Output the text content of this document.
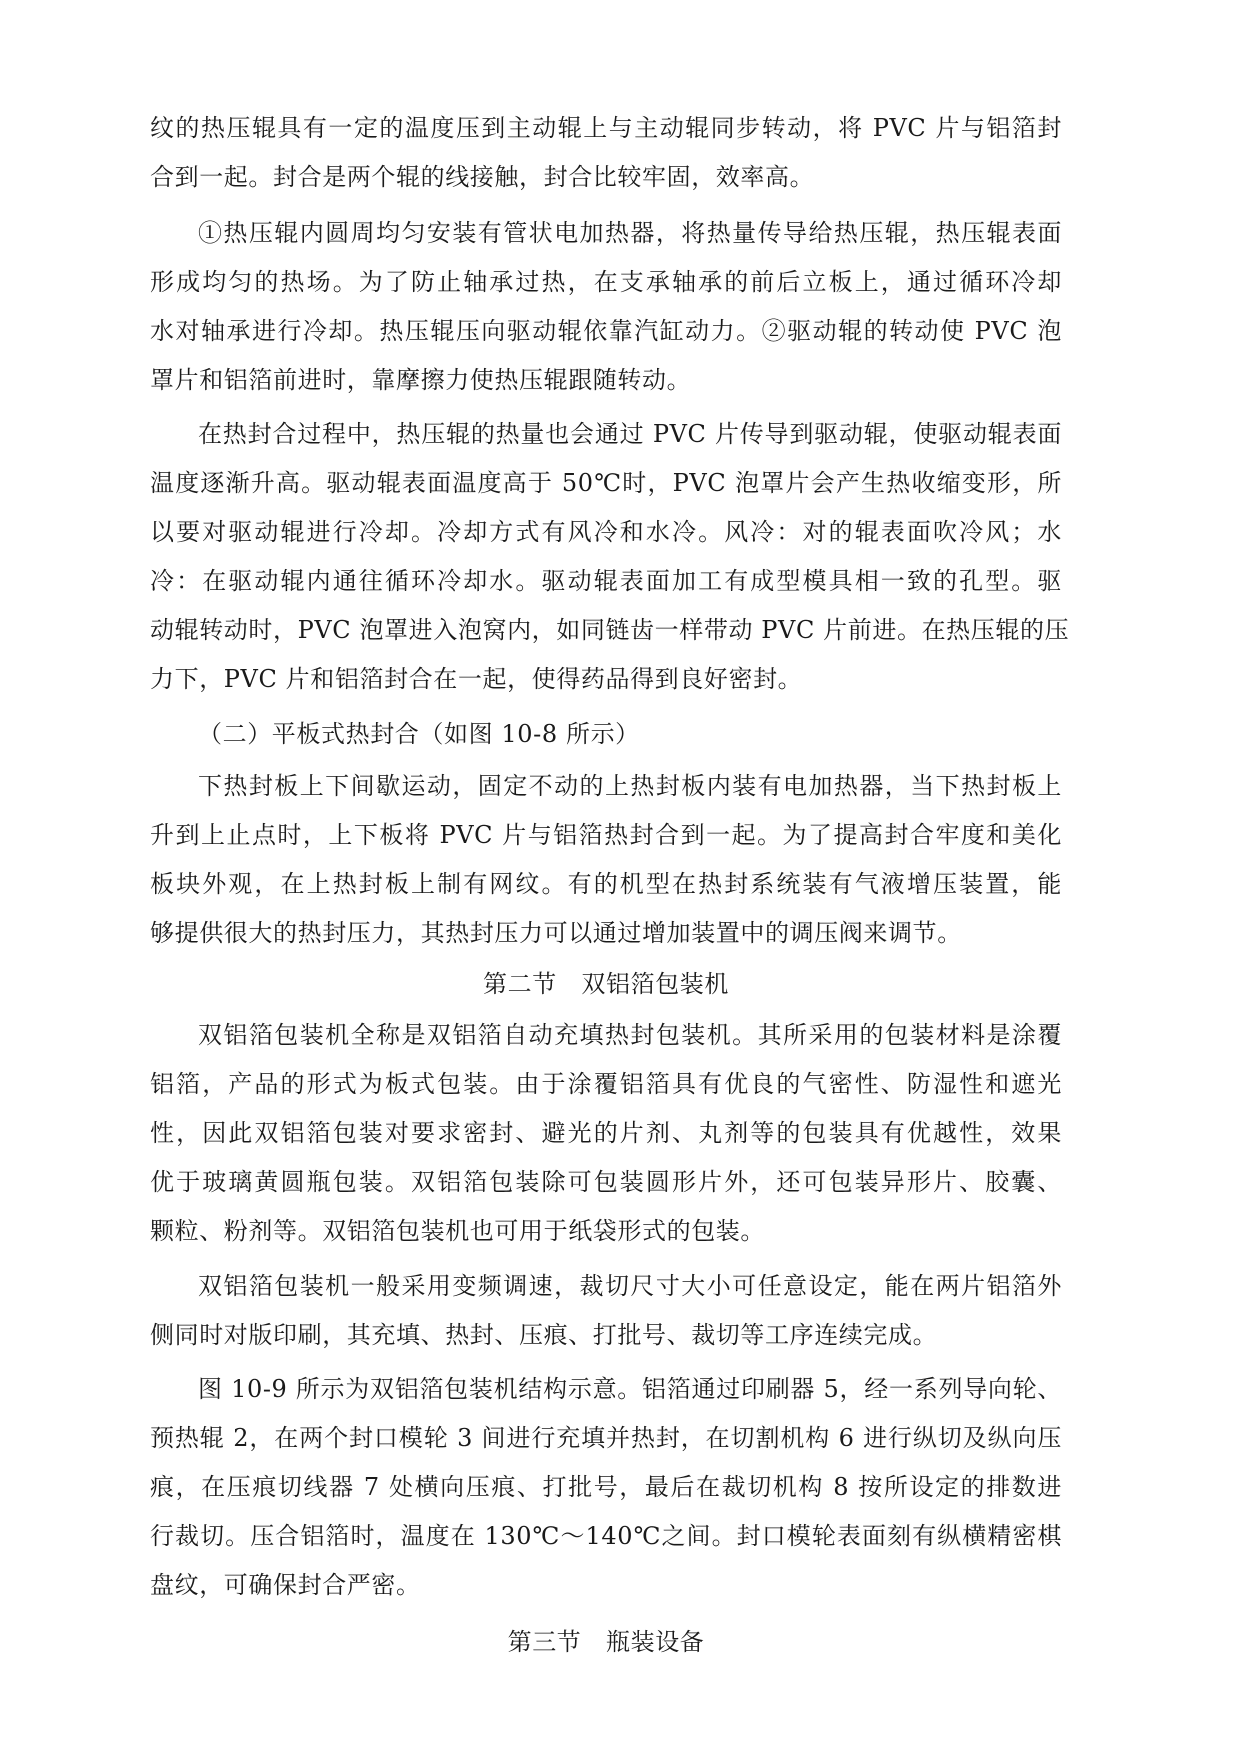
纹的热压辊具有一定的温度压到主动辊上与主动辊同步转动，将 PVC 片与铝箔封
合到一起。封合是两个辊的线接触，封合比较牢固，效率高。
①热压辊内圆周均匀安装有管状电加热器，将热量传导给热压辊，热压辊表面
形成均匀的热场。为了防止轴承过热，在支承轴承的前后立板上，通过循环冷却
水对轴承进行冷却。热压辊压向驱动辊依靠汽缸动力。②驱动辊的转动使 PVC 泡
罩片和铝箔前进时，靠摩擦力使热压辊跟随转动。
在热封合过程中，热压辊的热量也会通过 PVC 片传导到驱动辊，使驱动辊表面
温度逐渐升高。驱动辊表面温度高于 50℃时，PVC 泡罩片会产生热收缩变形，所
以要对驱动辊进行冷却。冷却方式有风冷和水冷。风冷：对的辊表面吹冷风；水
冷：在驱动辊内通往循环冷却水。驱动辊表面加工有成型模具相一致的孔型。驱
动辊转动时，PVC 泡罩进入泡窝内，如同链齿一样带动 PVC 片前进。在热压辊的压
力下，PVC 片和铝箔封合在一起，使得药品得到良好密封。
（二）平板式热封合（如图 10-8 所示）
下热封板上下间歇运动，固定不动的上热封板内装有电加热器，当下热封板上
升到上止点时，上下板将 PVC 片与铝箔热封合到一起。为了提高封合牢度和美化
板块外观，在上热封板上制有网纹。有的机型在热封系统装有气液增压装置，能
够提供很大的热封压力，其热封压力可以通过增加装置中的调压阀来调节。
第二节　双铝箔包装机
双铝箔包装机全称是双铝箔自动充填热封包装机。其所采用的包装材料是涂覆
铝箔，产品的形式为板式包装。由于涂覆铝箔具有优良的气密性、防湿性和遮光
性，因此双铝箔包装对要求密封、避光的片剂、丸剂等的包装具有优越性，效果
优于玻璃黄圆瓶包装。双铝箔包装除可包装圆形片外，还可包装异形片、胶囊、
颗粒、粉剂等。双铝箔包装机也可用于纸袋形式的包装。
双铝箔包装机一般采用变频调速，裁切尺寸大小可任意设定，能在两片铝箔外
侧同时对版印刷，其充填、热封、压痕、打批号、裁切等工序连续完成。
图 10-9 所示为双铝箔包装机结构示意。铝箔通过印刷器 5，经一系列导向轮、
预热辊 2，在两个封口模轮 3 间进行充填并热封，在切割机构 6 进行纵切及纵向压
痕，在压痕切线器 7 处横向压痕、打批号，最后在裁切机构 8 按所设定的排数进
行裁切。压合铝箔时，温度在 130℃～140℃之间。封口模轮表面刻有纵横精密棋
盘纹，可确保封合严密。
第三节　瓶装设备
